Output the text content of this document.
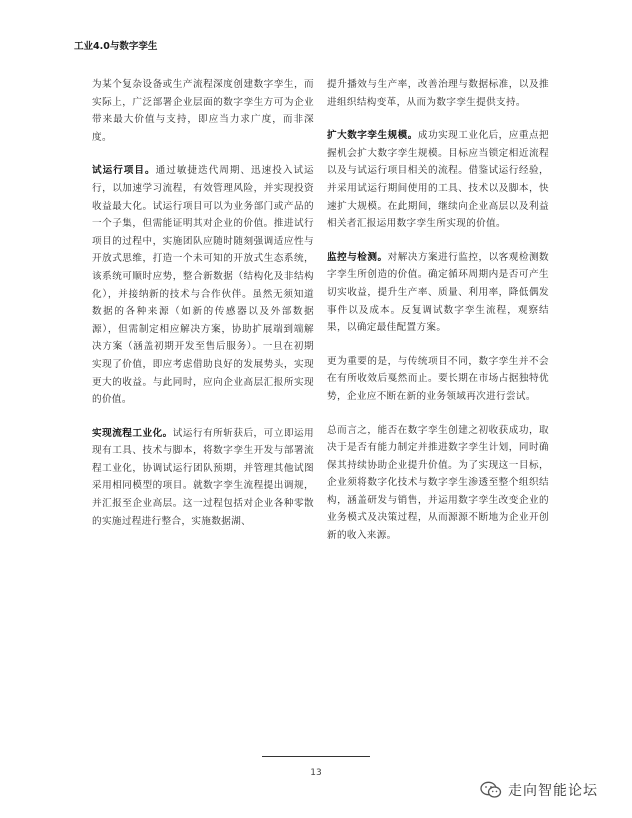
工业4.0与数字孪生

为某个复杂设备或生产流程深度创建数字孪生，而实际上，广泛部署企业层面的数字孪生方可为企业带来最大价值与支持，即应当力求广度，而非深度。

试运行项目。通过敏捷迭代周期、迅速投入试运行，以加速学习流程，有效管理风险，并实现投资收益最大化。试运行项目可以为业务部门或产品的一个子集，但需能证明其对企业的价值。推进试行项目的过程中，实施团队应随时随刻强调适应性与开放式思维，打造一个未可知的开放式生态系统，该系统可顺时应势，整合新数据（结构化及非结构化），并接纳新的技术与合作伙伴。虽然无须知道数据的各种来源（如新的传感器以及外部数据源），但需制定相应解决方案，协助扩展端到端解决方案（涵盖初期开发至售后服务）。一旦在初期实现了价值，即应考虑借助良好的发展势头，实现更大的收益。与此同时，应向企业高层汇报所实现的价值。

实现流程工业化。试运行有所斩获后，可立即运用现有工具、技术与脚本，将数字孪生开发与部署流程工业化，协调试运行团队预期，并管理其他试图采用相同模型的项目。就数字孪生流程提出调规，并汇报至企业高层。这一过程包括对企业各种零散的实施过程进行整合，实施数据湖、

提升播效与生产率，改善治理与数据标准，以及推进组织结构变革，从而为数字孪生提供支持。

扩大数字孪生规模。成功实现工业化后，应重点把握机会扩大数字孪生规模。目标应当锁定相近流程以及与试运行项目相关的流程。借鉴试运行经验，并采用试运行期间使用的工具、技术以及脚本，快速扩大规模。在此期间，继续向企业高层以及利益相关者汇报运用数字孪生所实现的价值。

监控与检测。对解决方案进行监控，以客观检测数字孪生所创造的价值。确定循环周期内是否可产生切实收益，提升生产率、质量、利用率，降低偶发事件以及成本。反复调试数字孪生流程，观察结果，以确定最佳配置方案。

更为重要的是，与传统项目不同，数字孪生并不会在有所收效后戛然而止。要长期在市场占据独特优势，企业应不断在新的业务领域再次进行尝试。

总而言之，能否在数字孪生创建之初收获成功，取决于是否有能力制定并推进数字孪生计划，同时确保其持续协助企业提升价值。为了实现这一目标，企业须将数字化技术与数字孪生渗透至整个组织结构，涵盖研发与销售，并运用数字孪生改变企业的业务模式及决策过程，从而源源不断地为企业开创新的收入来源。

13
走向智能论坛
